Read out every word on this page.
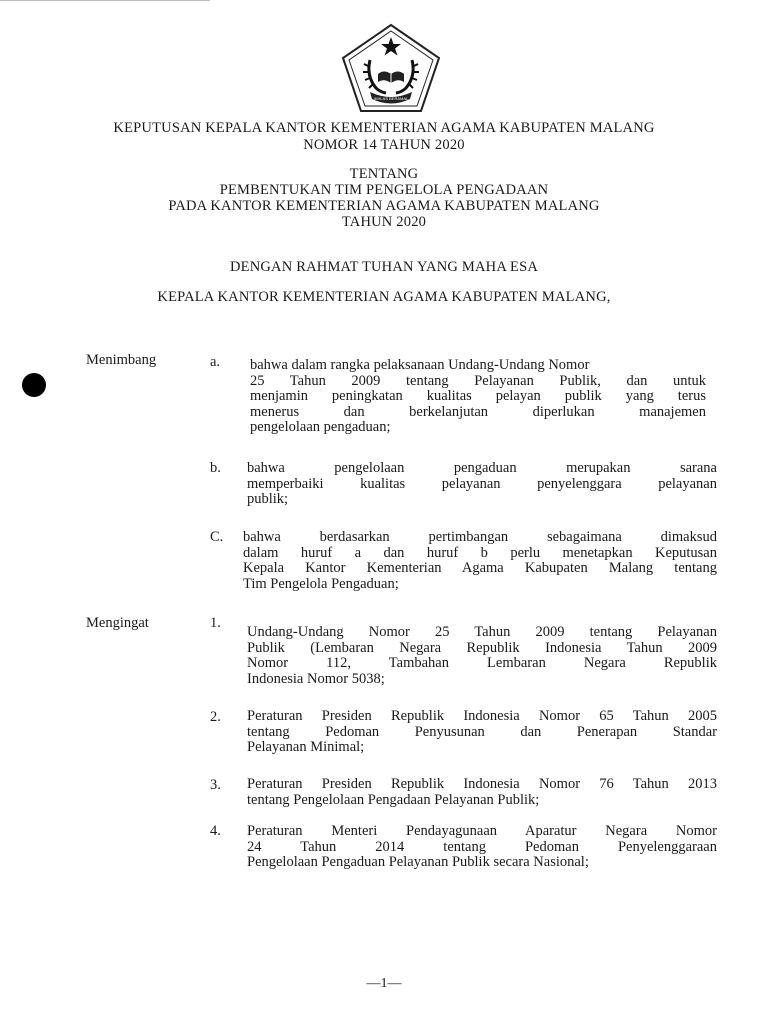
IKHLAS BERAMAL
KEPUTUSAN KEPALA KANTOR KEMENTERIAN AGAMA KABUPATEN MALANG
NOMOR 14 TAHUN 2020
TENTANG
PEMBENTUKAN TIM PENGELOLA PENGADAAN
PADA KANTOR KEMENTERIAN AGAMA KABUPATEN MALANG
TAHUN 2020
DENGAN RAHMAT TUHAN YANG MAHA ESA
KEPALA KANTOR KEMENTERIAN AGAMA KABUPATEN MALANG,
Menimbang	a. bahwa dalam rangka pelaksanaan Undang-Undang Nomor
25 Tahun 2009 tentang Pelayanan Publik, dan untuk
menjamin peningkatan kualitas pelayan publik yang terus
menerus dan berkelanjutan diperlukan manajemen
pengelolaan pengaduan;
b. bahwa pengelolaan pengaduan merupakan sarana
memperbaiki kualitas pelayanan penyelenggara pelayanan
publik;
C. bahwa berdasarkan pertimbangan sebagaimana dimaksud
dalam huruf a dan huruf b perlu menetapkan Keputusan
Kepala Kantor Kementerian Agama Kabupaten Malang tentang
Tim Pengelola Pengaduan;
Mengingat	1.
Undang-Undang Nomor 25 Tahun 2009 tentang Pelayanan
Publik (Lembaran Negara Republik Indonesia Tahun 2009
Nomor 112, Tambahan Lembaran Negara Republik
Indonesia Nomor 5038;
2. Peraturan Presiden Republik Indonesia Nomor 65 Tahun 2005
tentang Pedoman Penyusunan dan Penerapan Standar
Pelayanan Minimal;
3. Peraturan Presiden Republik Indonesia Nomor 76 Tahun 2013
tentang Pengelolaan Pengadaan Pelayanan Publik;
4. Peraturan Menteri Pendayagunaan Aparatur Negara Nomor
24 Tahun 2014 tentang Pedoman Penyelenggaraan
Pengelolaan Pengaduan Pelayanan Publik secara Nasional;
—1—
